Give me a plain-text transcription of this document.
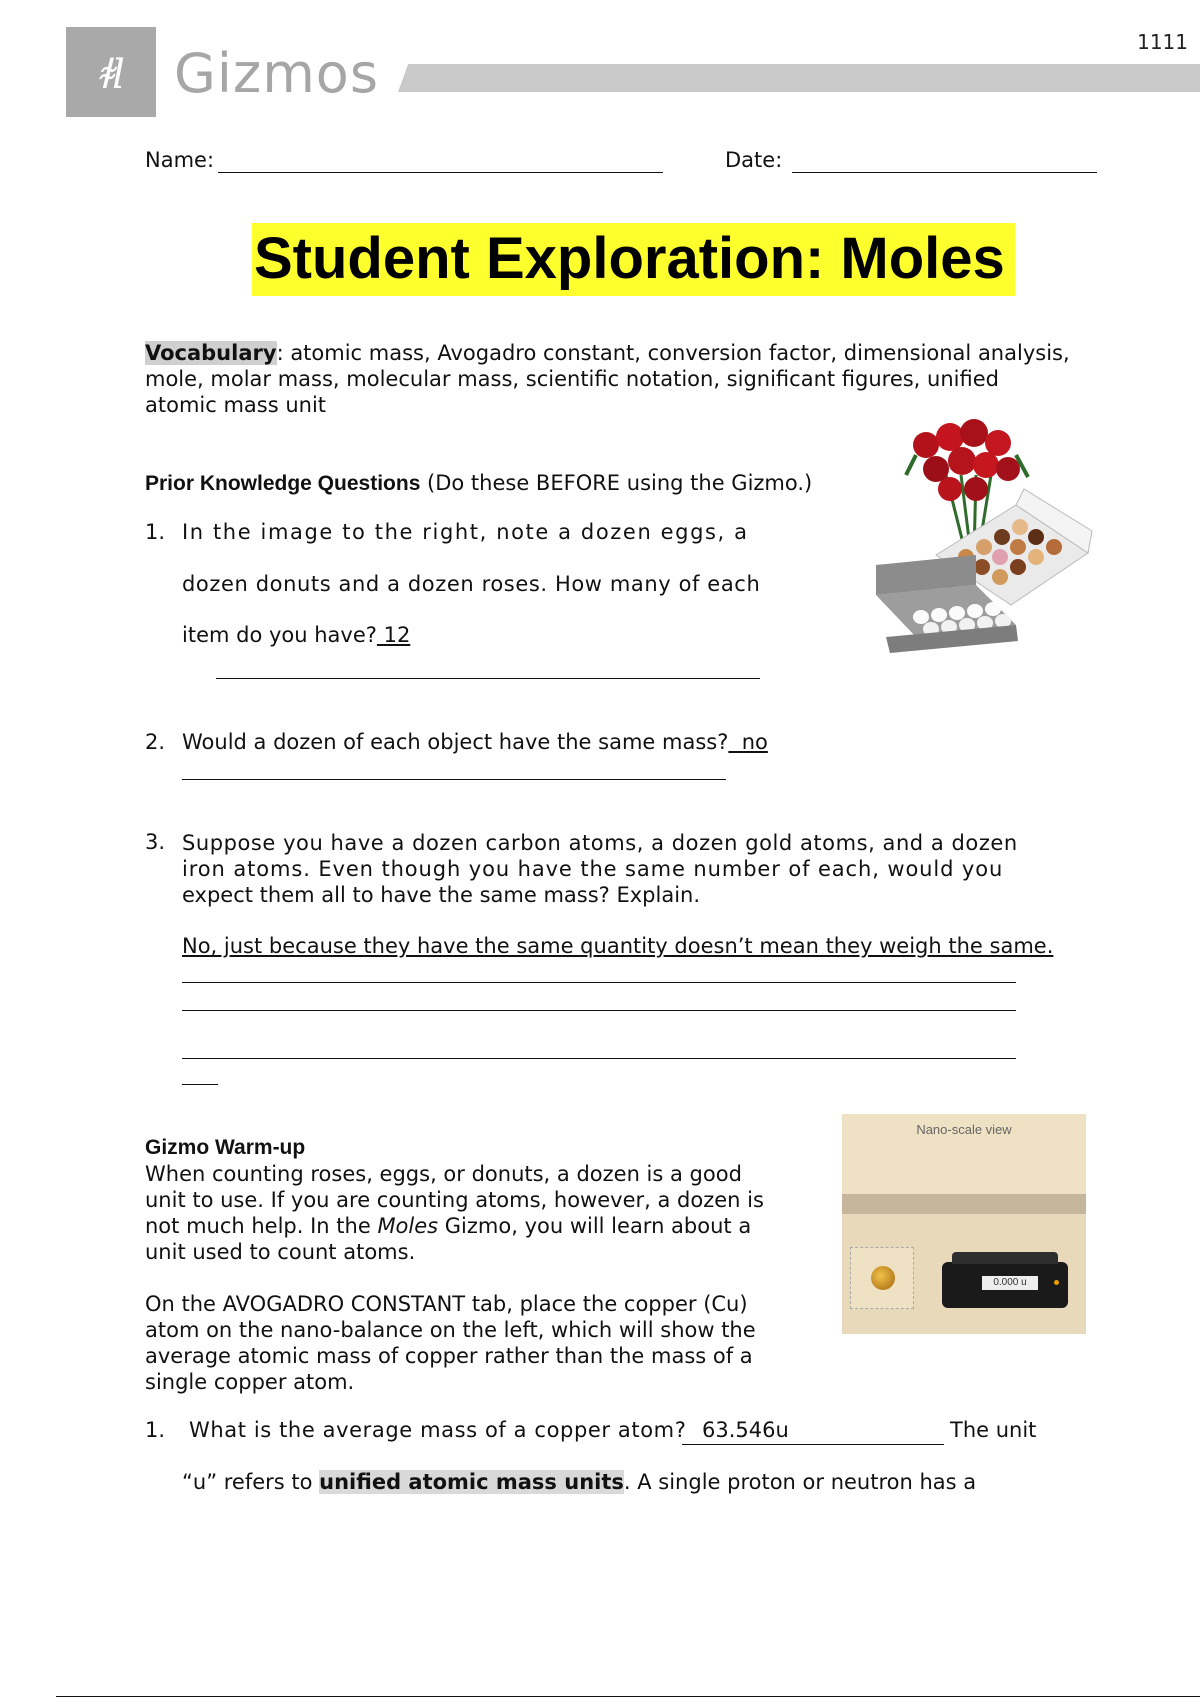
1111
ꬸl Gizmos
Name:	Date:
Student Exploration: Moles
Vocabulary: atomic mass, Avogadro constant, conversion factor, dimensional analysis,
mole, molar mass, molecular mass, scientific notation, significant figures, unified
atomic mass unit
Prior Knowledge Questions (Do these BEFORE using the Gizmo.)
1. In the image to the right, note a dozen eggs, a
dozen donuts and a dozen roses. How many of each
item do you have? 12
2. Would a dozen of each object have the same mass?  no
3. Suppose you have a dozen carbon atoms, a dozen gold atoms, and a dozen
iron atoms. Even though you have the same number of each, would you
expect them all to have the same mass? Explain.
No, just because they have the same quantity doesn’t mean they weigh the same.
Gizmo Warm-up
When counting roses, eggs, or donuts, a dozen is a good
unit to use. If you are counting atoms, however, a dozen is
not much help. In the Moles Gizmo, you will learn about a
unit used to count atoms.
On the AVOGADRO CONSTANT tab, place the copper (Cu)
atom on the nano-balance on the left, which will show the
average atomic mass of copper rather than the mass of a
single copper atom.
Nano-scale view
0.000 u
1. What is the average mass of a copper atom?
63.546u	The unit
“u” refers to unified atomic mass units. A single proton or neutron has a
